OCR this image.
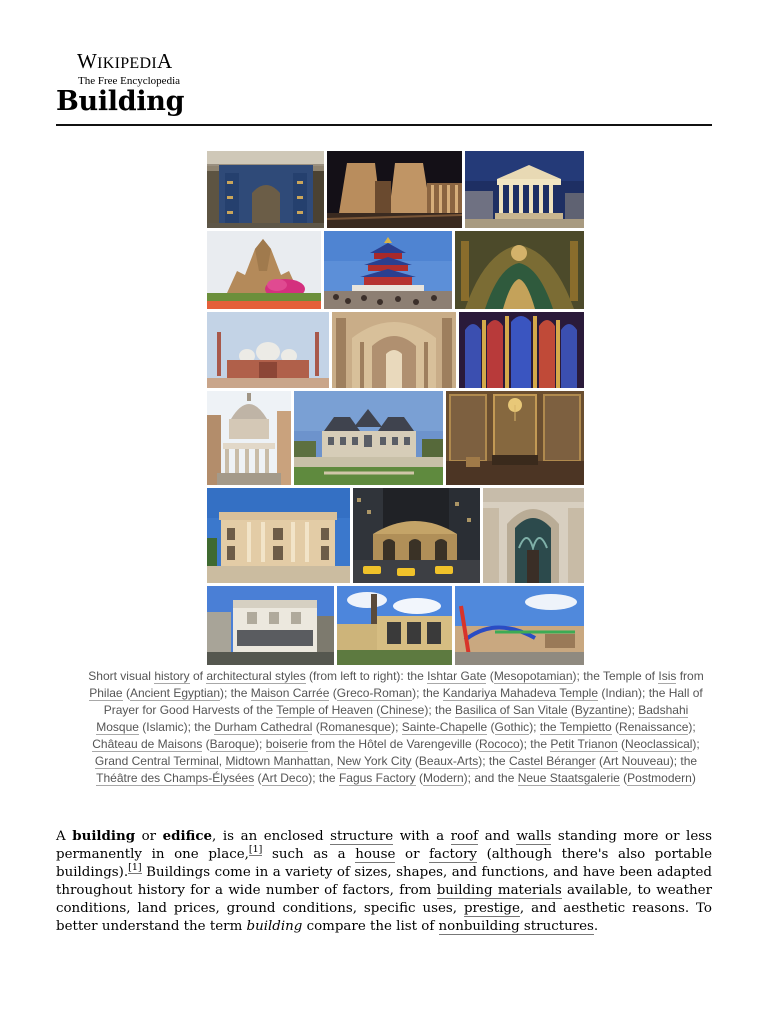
WIKIPEDIA
The Free Encyclopedia
Building
Short visual history of architectural styles (from left to right): the Ishtar Gate (Mesopotamian); the Temple of Isis from Philae (Ancient Egyptian); the Maison Carrée (Greco-Roman); the Kandariya Mahadeva Temple (Indian); the Hall of Prayer for Good Harvests of the Temple of Heaven (Chinese); the Basilica of San Vitale (Byzantine); Badshahi Mosque (Islamic); the Durham Cathedral (Romanesque); Sainte-Chapelle (Gothic); the Tempietto (Renaissance); Château de Maisons (Baroque); boiserie from the Hôtel de Varengeville (Rococo); the Petit Trianon (Neoclassical); Grand Central Terminal, Midtown Manhattan, New York City (Beaux-Arts); the Castel Béranger (Art Nouveau); the Théâtre des Champs-Élysées (Art Deco); the Fagus Factory (Modern); and the Neue Staatsgalerie (Postmodern)

A building or edifice, is an enclosed structure with a roof and walls standing more or less permanently in one place,[1] such as a house or factory (although there's also portable buildings).[1] Buildings come in a variety of sizes, shapes, and functions, and have been adapted throughout history for a wide number of factors, from building materials available, to weather conditions, land prices, ground conditions, specific uses, prestige, and aesthetic reasons. To better understand the term building compare the list of nonbuilding structures.
